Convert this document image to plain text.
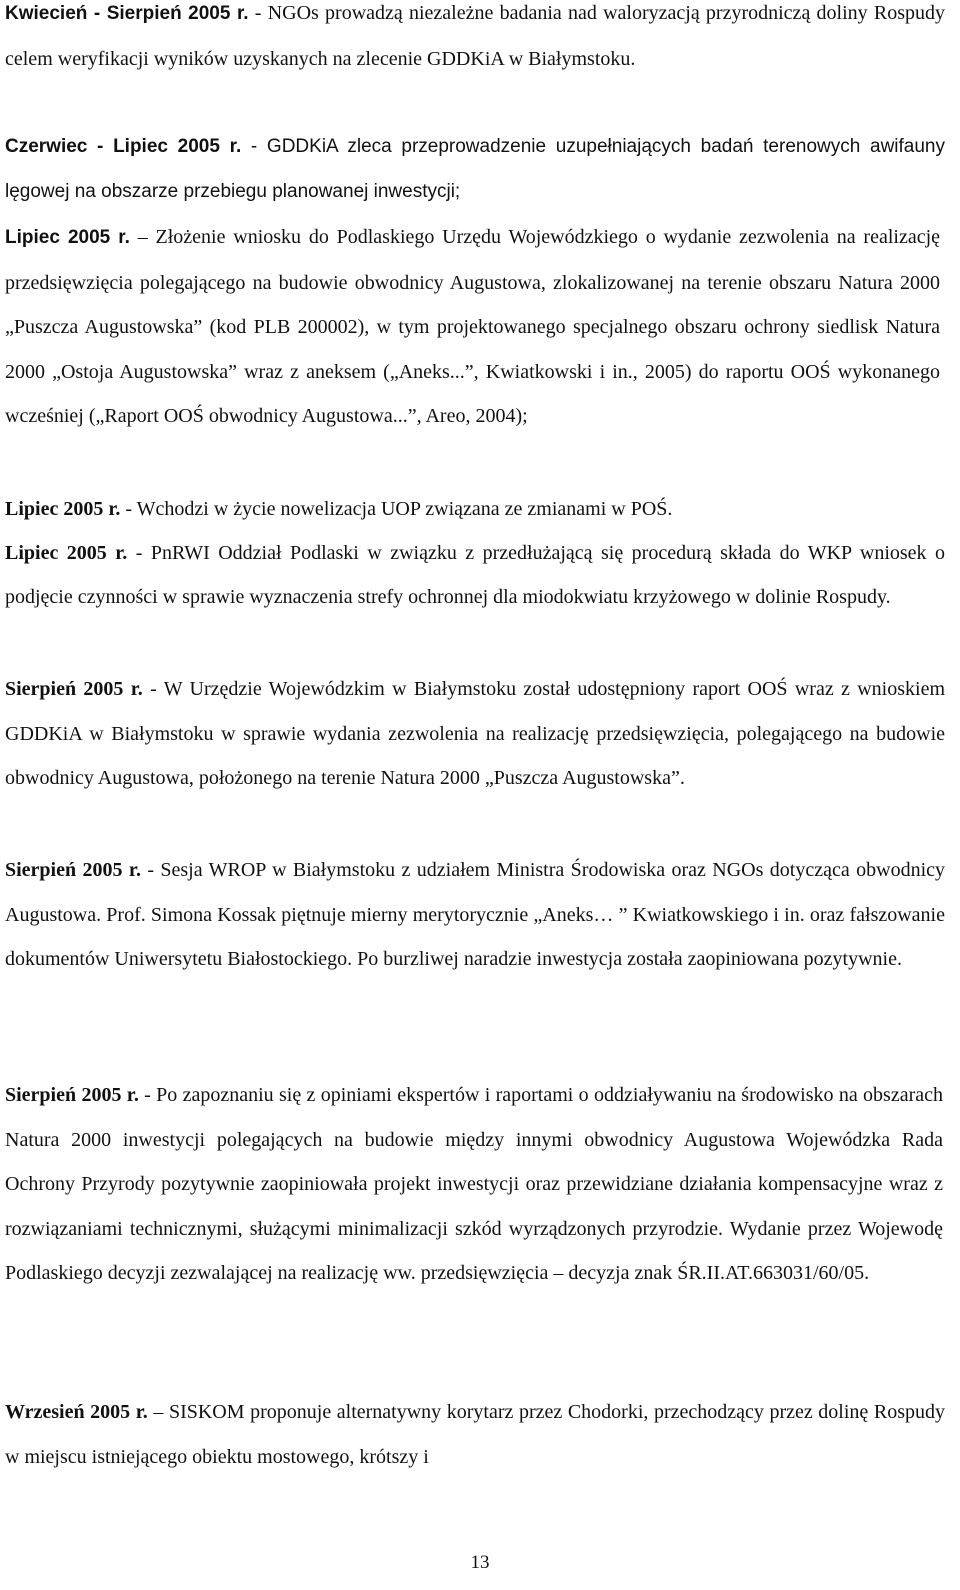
Kwiecień - Sierpień 2005 r. - NGOs prowadzą niezależne badania nad waloryzacją przyrodniczą doliny Rospudy celem weryfikacji wyników uzyskanych na zlecenie GDDKiA w Białymstoku.

Czerwiec - Lipiec 2005 r. - GDDKiA zleca przeprowadzenie uzupełniających badań terenowych awifauny lęgowej na obszarze przebiegu planowanej inwestycji;

Lipiec 2005 r. – Złożenie wniosku do Podlaskiego Urzędu Wojewódzkiego o wydanie zezwolenia na realizację przedsięwzięcia polegającego na budowie obwodnicy Augustowa, zlokalizowanej na terenie obszaru Natura 2000 „Puszcza Augustowska” (kod PLB 200002), w tym projektowanego specjalnego obszaru ochrony siedlisk Natura 2000 „Ostoja Augustowska” wraz z aneksem („Aneks...”, Kwiatkowski i in., 2005) do raportu OOŚ wykonanego wcześniej („Raport OOŚ obwodnicy Augustowa...”, Areo, 2004);

Lipiec 2005 r. - Wchodzi w życie nowelizacja UOP związana ze zmianami w POŚ.

Lipiec 2005 r. - PnRWI Oddział Podlaski w związku z przedłużającą się procedurą składa do WKP wniosek o podjęcie czynności w sprawie wyznaczenia strefy ochronnej dla miodokwiatu krzyżowego w dolinie Rospudy.

Sierpień 2005 r. - W Urzędzie Wojewódzkim w Białymstoku został udostępniony raport OOŚ wraz z wnioskiem GDDKiA w Białymstoku w sprawie wydania zezwolenia na realizację przedsięwzięcia, polegającego na budowie obwodnicy Augustowa, położonego na terenie Natura 2000 „Puszcza Augustowska”.

Sierpień 2005 r. - Sesja WROP w Białymstoku z udziałem Ministra Środowiska oraz NGOs dotycząca obwodnicy Augustowa. Prof. Simona Kossak piętnuje mierny merytorycznie „Aneks… ” Kwiatkowskiego i in. oraz fałszowanie dokumentów Uniwersytetu Białostockiego. Po burzliwej naradzie inwestycja została zaopiniowana pozytywnie.

Sierpień 2005 r. - Po zapoznaniu się z opiniami ekspertów i raportami o oddziaływaniu na środowisko na obszarach Natura 2000 inwestycji polegających na budowie między innymi obwodnicy Augustowa Wojewódzka Rada Ochrony Przyrody pozytywnie zaopiniowała projekt inwestycji oraz przewidziane działania kompensacyjne wraz z rozwiązaniami technicznymi, służącymi minimalizacji szkód wyrządzonych przyrodzie. Wydanie przez Wojewodę Podlaskiego decyzji zezwalającej na realizację ww. przedsięwzięcia – decyzja znak ŚR.II.AT.663031/60/05.

Wrzesień 2005 r. – SISKOM proponuje alternatywny korytarz przez Chodorki, przechodzący przez dolinę Rospudy w miejscu istniejącego obiektu mostowego, krótszy i

13
